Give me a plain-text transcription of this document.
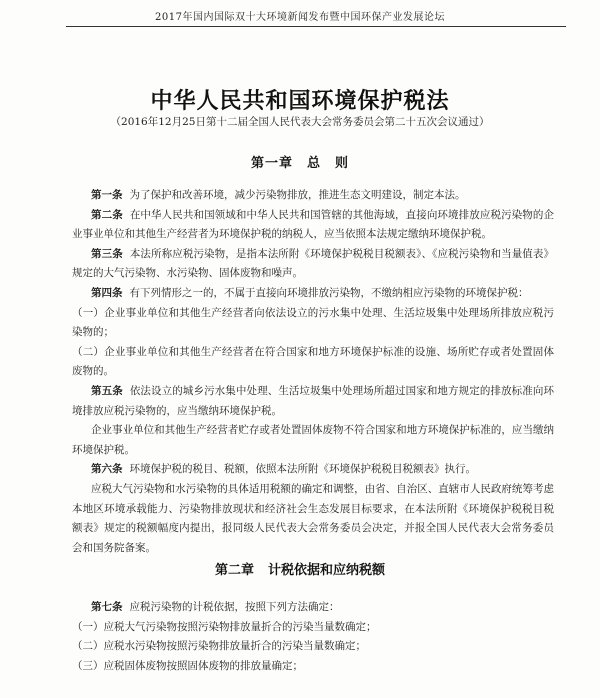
2017年国内国际双十大环境新闻发布暨中国环保产业发展论坛
中华人民共和国环境保护税法
（2016年12月25日第十二届全国人民代表大会常务委员会第二十五次会议通过）
第一章 总　则

第一条 为了保护和改善环境，减少污染物排放，推进生态文明建设，制定本法。

第二条 在中华人民共和国领域和中华人民共和国管辖的其他海域，直接向环境排放应税污染物的企业事业单位和其他生产经营者为环境保护税的纳税人，应当依照本法规定缴纳环境保护税。

第三条 本法所称应税污染物，是指本法所附《环境保护税税目税额表》、《应税污染物和当量值表》规定的大气污染物、水污染物、固体废物和噪声。

第四条 有下列情形之一的，不属于直接向环境排放污染物，不缴纳相应污染物的环境保护税：

（一）企业事业单位和其他生产经营者向依法设立的污水集中处理、生活垃圾集中处理场所排放应税污染物的；

（二）企业事业单位和其他生产经营者在符合国家和地方环境保护标准的设施、场所贮存或者处置固体废物的。

第五条 依法设立的城乡污水集中处理、生活垃圾集中处理场所超过国家和地方规定的排放标准向环境排放应税污染物的，应当缴纳环境保护税。

企业事业单位和其他生产经营者贮存或者处置固体废物不符合国家和地方环境保护标准的，应当缴纳环境保护税。

第六条 环境保护税的税目、税额，依照本法所附《环境保护税税目税额表》执行。

应税大气污染物和水污染物的具体适用税额的确定和调整，由省、自治区、直辖市人民政府统筹考虑本地区环境承载能力、污染物排放现状和经济社会生态发展目标要求，在本法所附《环境保护税税目税额表》规定的税额幅度内提出，报同级人民代表大会常务委员会决定，并报全国人民代表大会常务委员会和国务院备案。

第二章 计税依据和应纳税额

第七条 应税污染物的计税依据，按照下列方法确定：

（一）应税大气污染物按照污染物排放量折合的污染当量数确定；

（二）应税水污染物按照污染物排放量折合的污染当量数确定；

（三）应税固体废物按照固体废物的排放量确定；
